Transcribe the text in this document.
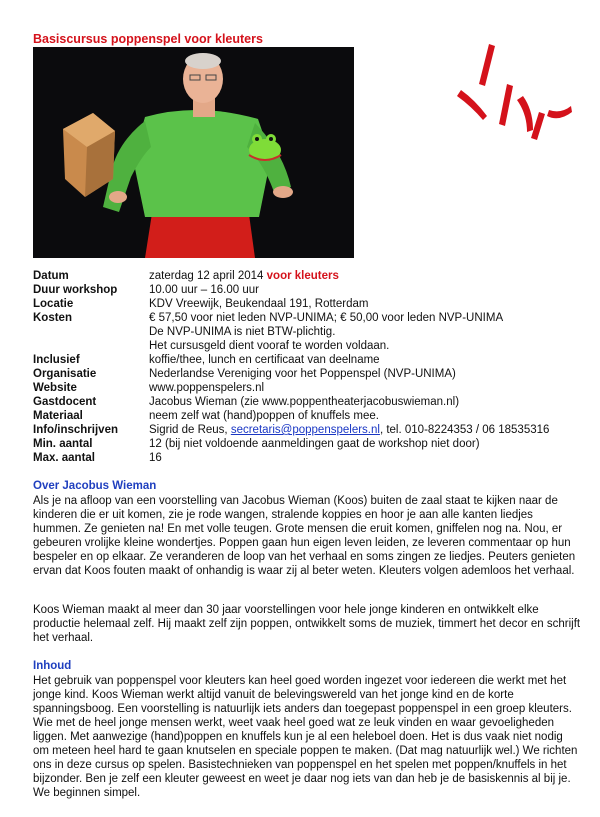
Basiscursus poppenspel voor kleuters
Datum	zaterdag 12 april 2014 voor kleuters
Duur workshop	10.00 uur – 16.00 uur
Locatie	KDV Vreewijk, Beukendaal 191, Rotterdam
Kosten	€ 57,50 voor niet leden NVP-UNIMA; € 50,00 voor leden NVP-UNIMA
De NVP-UNIMA is niet BTW-plichtig.
Het cursusgeld dient vooraf te worden voldaan.
Inclusief	koffie/thee, lunch en certificaat van deelname
Organisatie	Nederlandse Vereniging voor het Poppenspel (NVP-UNIMA)
Website	www.poppenspelers.nl
Gastdocent	Jacobus Wieman (zie www.poppentheaterjacobuswieman.nl)
Materiaal	neem zelf wat (hand)poppen of knuffels mee.
Info/inschrijven	Sigrid de Reus, secretaris@poppenspelers.nl, tel. 010-8224353 / 06 18535316
Min. aantal	12 (bij niet voldoende aanmeldingen gaat de workshop niet door)
Max. aantal	16
Over Jacobus Wieman

Als je na afloop van een voorstelling van Jacobus Wieman (Koos) buiten de zaal staat te kijken naar de kinderen die er uit komen, zie je rode wangen, stralende koppies en hoor je aan alle kanten liedjes hummen. Ze genieten na! En met volle teugen. Grote mensen die eruit komen, gniffelen nog na. Nou, er gebeuren vrolijke kleine wondertjes. Poppen gaan hun eigen leven leiden, ze leveren commentaar op hun bespeler en op elkaar. Ze veranderen de loop van het verhaal en soms zingen ze liedjes. Peuters genieten ervan dat Koos fouten maakt of onhandig is waar zij al beter weten. Kleuters volgen ademloos het verhaal.

Koos Wieman maakt al meer dan 30 jaar voorstellingen voor hele jonge kinderen en ontwikkelt elke productie helemaal zelf. Hij maakt zelf zijn poppen, ontwikkelt soms de muziek, timmert het decor en schrijft het verhaal.

Inhoud

Het gebruik van poppenspel voor kleuters kan heel goed worden ingezet voor iedereen die werkt met het jonge kind. Koos Wieman werkt altijd vanuit de belevingswereld van het jonge kind en de korte spanningsboog. Een voorstelling is natuurlijk iets anders dan toegepast poppenspel in een groep kleuters. Wie met de heel jonge mensen werkt, weet vaak heel goed wat ze leuk vinden en waar gevoeligheden liggen. Met aanwezige (hand)poppen en knuffels kun je al een heleboel doen. Het is dus vaak niet nodig om meteen heel hard te gaan knutselen en speciale poppen te maken. (Dat mag natuurlijk wel.) We richten ons in deze cursus op spelen. Basistechnieken van poppenspel en het spelen met poppen/knuffels in het bijzonder. Ben je zelf een kleuter geweest en weet je daar nog iets van dan heb je de basiskennis al bij je. We beginnen simpel.
